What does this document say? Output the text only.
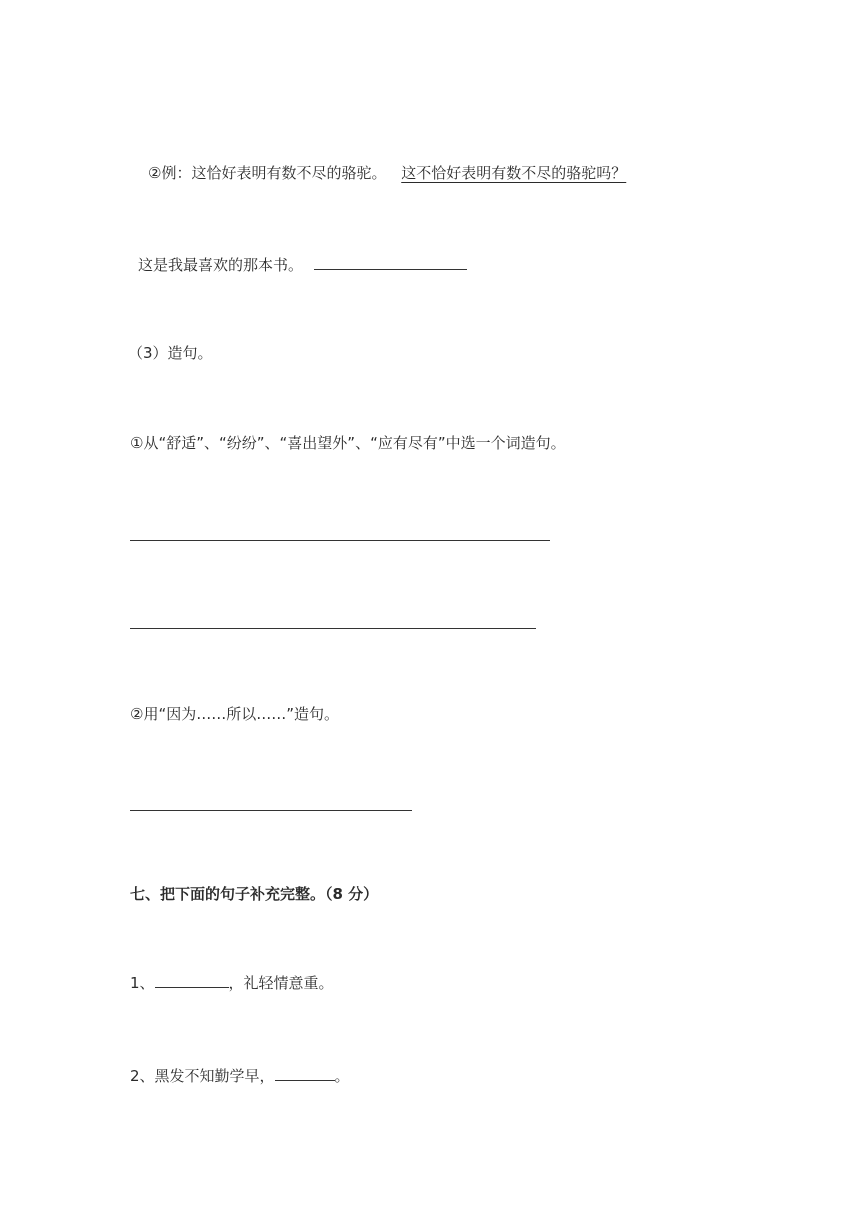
②例：这恰好表明有数不尽的骆驼。 这不恰好表明有数不尽的骆驼吗？
这是我最喜欢的那本书。
（3）造句。
①从“舒适”、“纷纷”、“喜出望外”、“应有尽有”中选一个词造句。
②用“因为……所以……”造句。
七、把下面的句子补充完整。（8 分）
1、	，礼轻情意重。
2、黑发不知勤学早，	。
